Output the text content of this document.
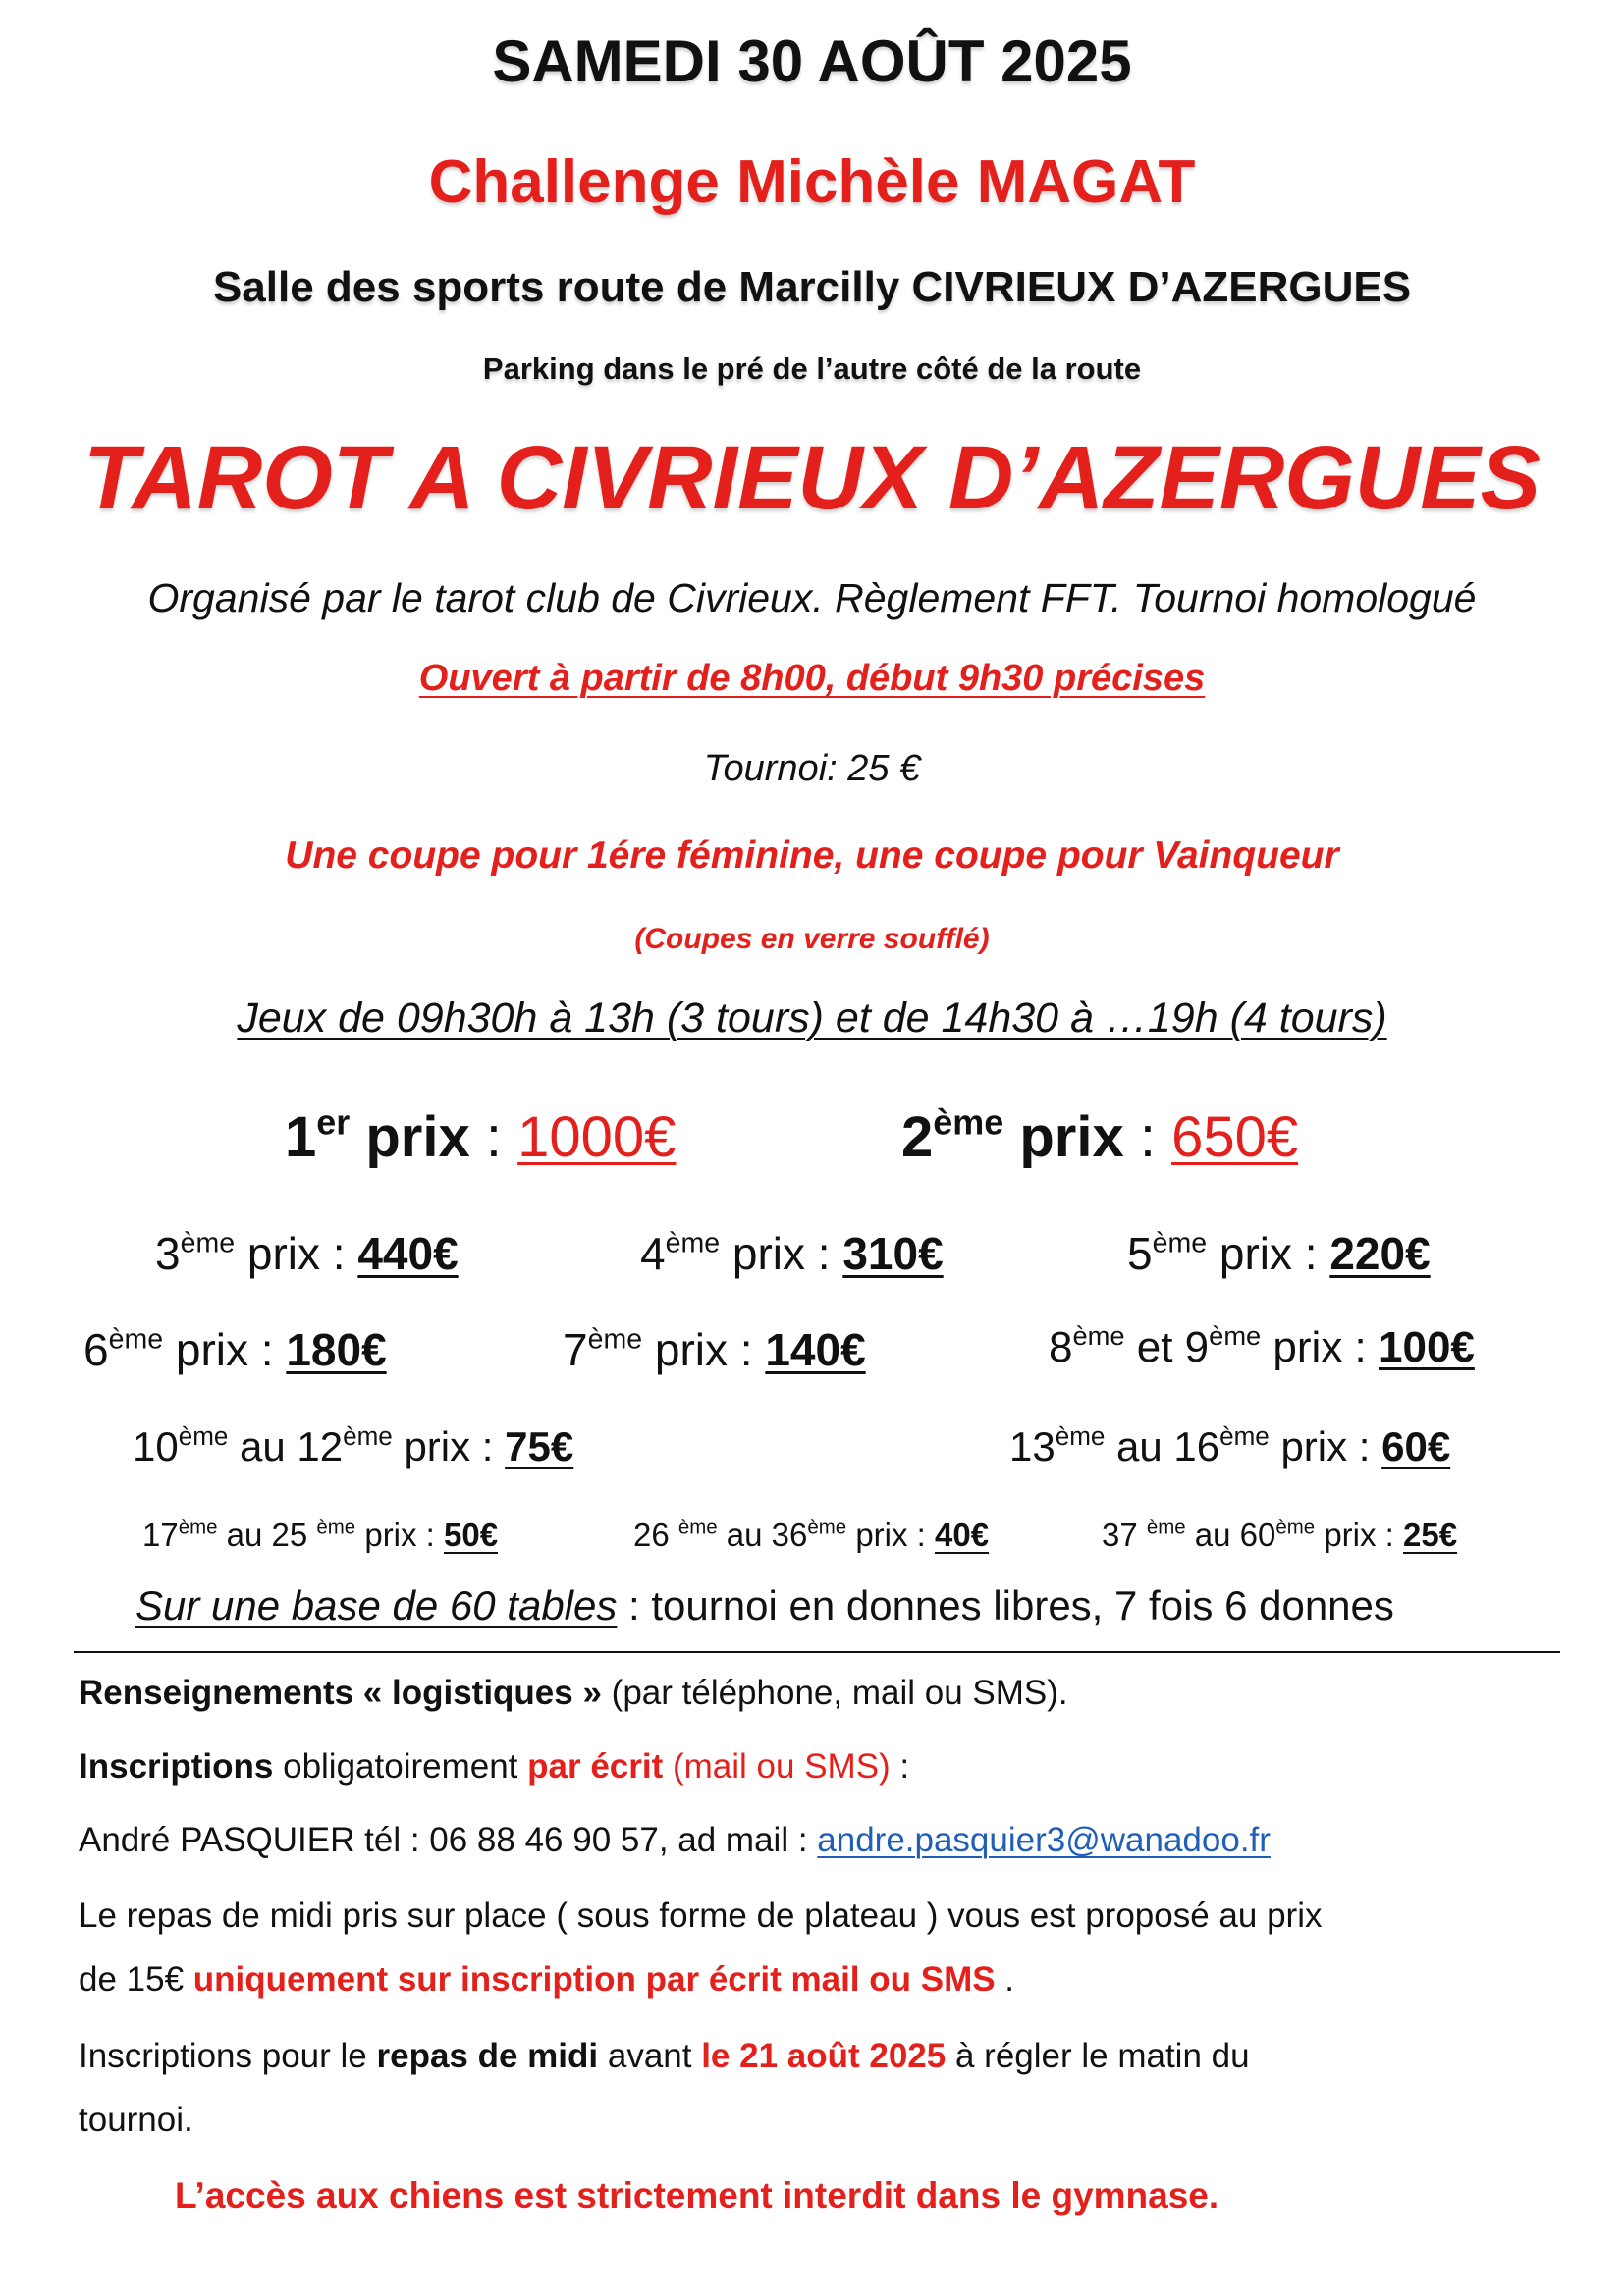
SAMEDI 30 AOÛT 2025
Challenge Michèle MAGAT
Salle des sports route de Marcilly CIVRIEUX D’AZERGUES
Parking dans le pré de l’autre côté de la route
TAROT A CIVRIEUX D’AZERGUES
Organisé par le tarot club de Civrieux. Règlement FFT. Tournoi homologué
Ouvert à partir de 8h00, début 9h30 précises
Tournoi: 25 €
Une coupe pour 1ére féminine, une coupe pour Vainqueur
(Coupes en verre soufflé)
Jeux de 09h30h à 13h (3 tours) et de 14h30 à …19h (4 tours)
1er prix : 1000€	2ème prix : 650€
3ème prix : 440€	4ème prix : 310€	5ème prix : 220€
6ème prix : 180€	7ème prix : 140€	8ème et 9ème prix : 100€
10ème au 12ème prix : 75€	13ème au 16ème prix : 60€
17ème au 25 $^{ème}$ prix : 50€	26 $^{ème}$ au 36ème prix : 40€	37 $^{ème}$ au 60ème prix : 25€
Sur une base de 60 tables : tournoi en donnes libres, 7 fois 6 donnes
Renseignements « logistiques » (par téléphone, mail ou SMS).
Inscriptions obligatoirement par écrit (mail ou SMS) :
André PASQUIER tél : 06 88 46 90 57, ad mail : andre.pasquier3@wanadoo.fr
Le repas de midi pris sur place ( sous forme de plateau ) vous est proposé au prix
de 15€ uniquement sur inscription par écrit mail ou SMS .
Inscriptions pour le repas de midi avant le 21 août 2025 à régler le matin du
tournoi.
L’accès aux chiens est strictement interdit dans le gymnase.
